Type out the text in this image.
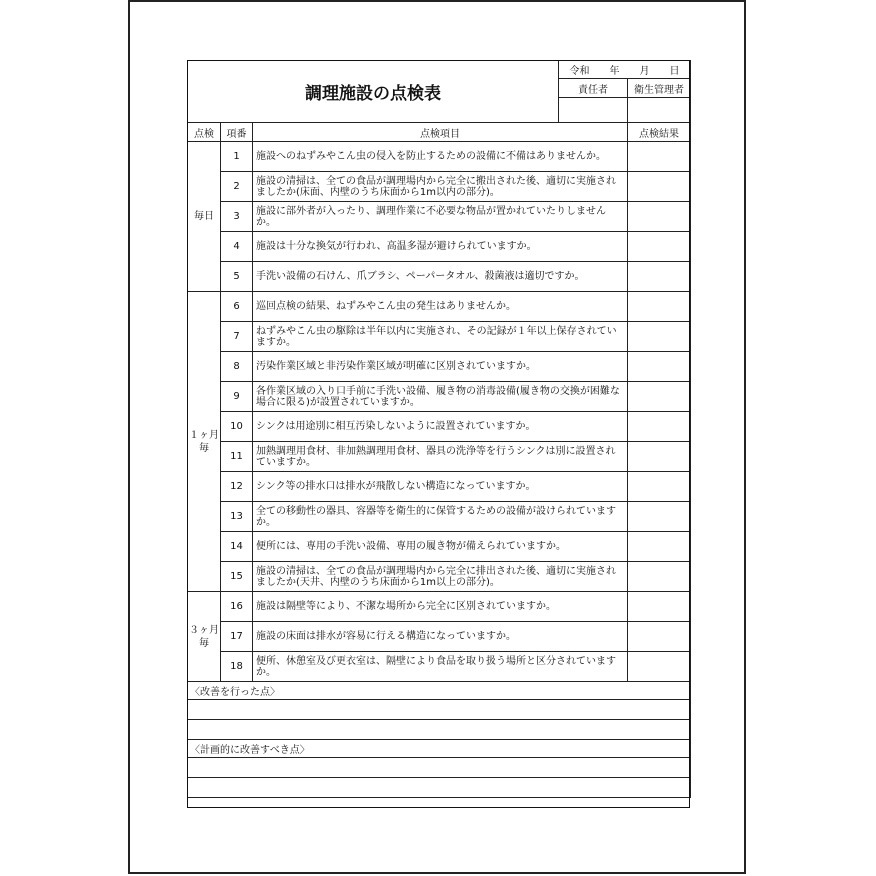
調理施設の点検表			令和　　年　　月　　日	
			責任者	衛生管理者

点検	項番	点検項目		点検結果
毎日	1	施設へのねずみやこん虫の侵入を防止するための設備に不備はありませんか。		
	2	施設の清掃は、全ての食品が調理場内から完全に搬出された後、適切に実施されましたか(床面、内壁のうち床面から1m以内の部分)。		
	3	施設に部外者が入ったり、調理作業に不必要な物品が置かれていたりしませんか。		
	4	施設は十分な換気が行われ、高温多湿が避けられていますか。		
	5	手洗い設備の石けん、爪ブラシ、ペーパータオル、殺菌液は適切ですか。		
１ヶ月毎	6	巡回点検の結果、ねずみやこん虫の発生はありませんか。		
	7	ねずみやこん虫の駆除は半年以内に実施され、その記録が１年以上保存されていますか。		
	8	汚染作業区域と非汚染作業区域が明確に区別されていますか。		
	9	各作業区域の入り口手前に手洗い設備、履き物の消毒設備(履き物の交換が困難な場合に限る)が設置されていますか。		
	10	シンクは用途別に相互汚染しないように設置されていますか。		
	11	加熱調理用食材、非加熱調理用食材、器具の洗浄等を行うシンクは別に設置されていますか。		
	12	シンク等の排水口は排水が飛散しない構造になっていますか。		
	13	全ての移動性の器具、容器等を衛生的に保管するための設備が設けられていますか。		
	14	便所には、専用の手洗い設備、専用の履き物が備えられていますか。		
	15	施設の清掃は、全ての食品が調理場内から完全に排出された後、適切に実施されましたか(天井、内壁のうち床面から1m以上の部分)。		
３ヶ月毎	16	施設は隔壁等により、不潔な場所から完全に区別されていますか。		
	17	施設の床面は排水が容易に行える構造になっていますか。		
	18	便所、休憩室及び更衣室は、隔壁により食品を取り扱う場所と区分されていますか。		
〈改善を行った点〉				

〈計画的に改善すべき点〉				
